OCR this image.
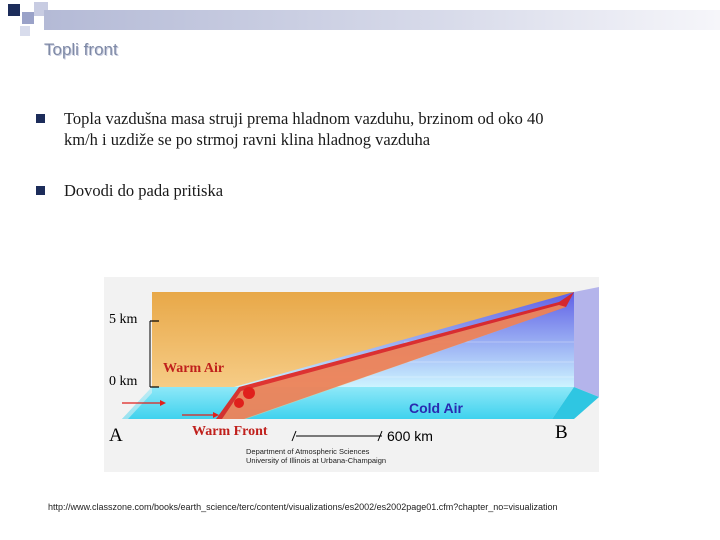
Topli front
Topla vazdušna masa struji prema hladnom vazduhu, brzinom od oko 40
km/h i uzdiže se po strmoj ravni klina hladnog vazduha
Dovodi do pada pritiska
5 km
0 km
Warm Air
Cold Air
Warm Front
A	B
600 km
Department of Atmospheric Sciences
University of Illinois at Urbana-Champaign
http://www.classzone.com/books/earth_science/terc/content/visualizations/es2002/es2002page01.cfm?chapter_no=visualization
